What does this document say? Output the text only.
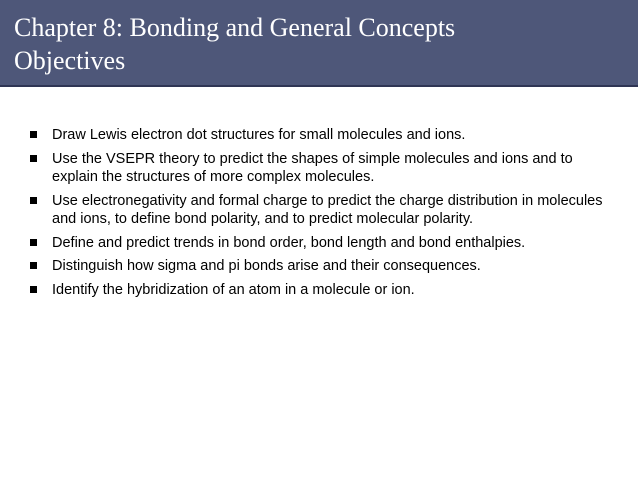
Chapter 8: Bonding and General Concepts
Objectives
Draw Lewis electron dot structures for small molecules and ions.
Use the VSEPR theory to predict the shapes of simple molecules and ions and to explain the structures of more complex molecules.
Use electronegativity and formal charge to predict the charge distribution in molecules and ions, to define bond polarity, and to predict molecular polarity.
Define and predict trends in bond order, bond length and bond enthalpies.
Distinguish how sigma and pi bonds arise and their consequences.
Identify the hybridization of an atom in a molecule or ion.
